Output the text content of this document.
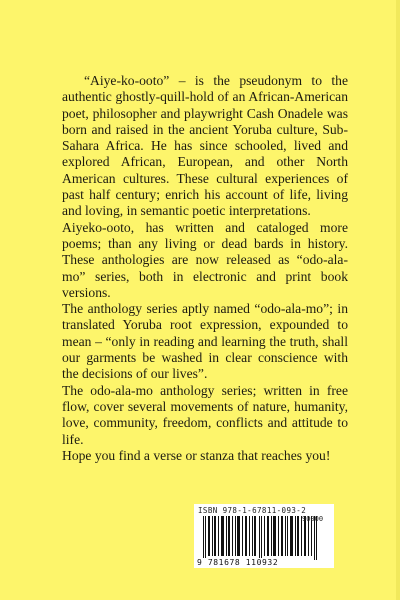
“Aiye-ko-ooto” – is the pseudonym to the authentic ghostly-quill-hold of an African-American poet, philosopher and playwright Cash Onadele was born and raised in the ancient Yoruba culture, Sub-Sahara Africa. He has since schooled, lived and explored African, European, and other North American cultures. These cultural experiences of past half century; enrich his account of life, living and loving, in semantic poetic interpretations.

Aiyeko-ooto, has written and cataloged more poems; than any living or dead bards in history. These anthologies are now released as “odo-ala-mo” series, both in electronic and print book versions.

The anthology series aptly named “odo-ala-mo”; in translated Yoruba root expression, expounded to mean – “only in reading and learning the truth, shall our garments be washed in clear conscience with the decisions of our lives”.

The odo-ala-mo anthology series; written in free flow, cover several movements of nature, humanity, love, community, freedom, conflicts and attitude to life.

Hope you find a verse or stanza that reaches you!

ISBN 978-1-67811-093-2
90000
9 781678 110932
